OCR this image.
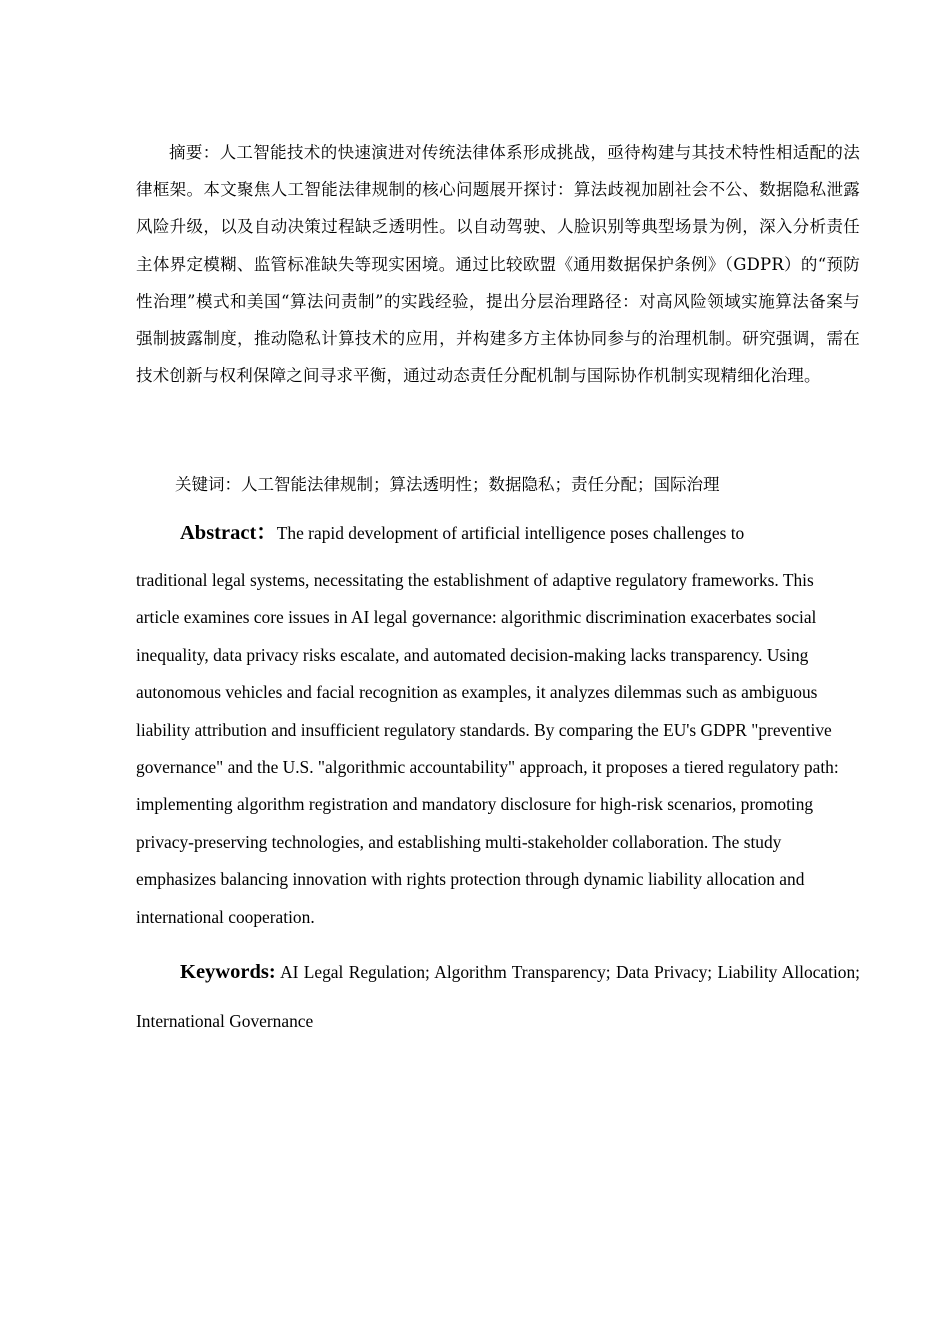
摘要：人工智能技术的快速演进对传统法律体系形成挑战，亟待构建与其技术特性相适配的法律框架。本文聚焦人工智能法律规制的核心问题展开探讨：算法歧视加剧社会不公、数据隐私泄露风险升级，以及自动决策过程缺乏透明性。以自动驾驶、人脸识别等典型场景为例，深入分析责任主体界定模糊、监管标准缺失等现实困境。通过比较欧盟《通用数据保护条例》（GDPR）的“预防性治理”模式和美国“算法问责制”的实践经验，提出分层治理路径：对高风险领域实施算法备案与强制披露制度，推动隐私计算技术的应用，并构建多方主体协同参与的治理机制。研究强调，需在技术创新与权利保障之间寻求平衡，通过动态责任分配机制与国际协作机制实现精细化治理。

关键词：人工智能法律规制；算法透明性；数据隐私；责任分配；国际治理

Abstract：The rapid development of artificial intelligence poses challenges to
traditional legal systems, necessitating the establishment of adaptive regulatory frameworks. This article examines core issues in AI legal governance: algorithmic discrimination exacerbates social inequality, data privacy risks escalate, and automated decision-making lacks transparency. Using autonomous vehicles and facial recognition as examples, it analyzes dilemmas such as ambiguous liability attribution and insufficient regulatory standards. By comparing the EU's GDPR "preventive governance" and the U.S. "algorithmic accountability" approach, it proposes a tiered regulatory path: implementing algorithm registration and mandatory disclosure for high-risk scenarios, promoting privacy-preserving technologies, and establishing multi-stakeholder collaboration. The study emphasizes balancing innovation with rights protection through dynamic liability allocation and international cooperation.

Keywords: AI Legal Regulation; Algorithm Transparency; Data Privacy; Liability Allocation; International Governance
